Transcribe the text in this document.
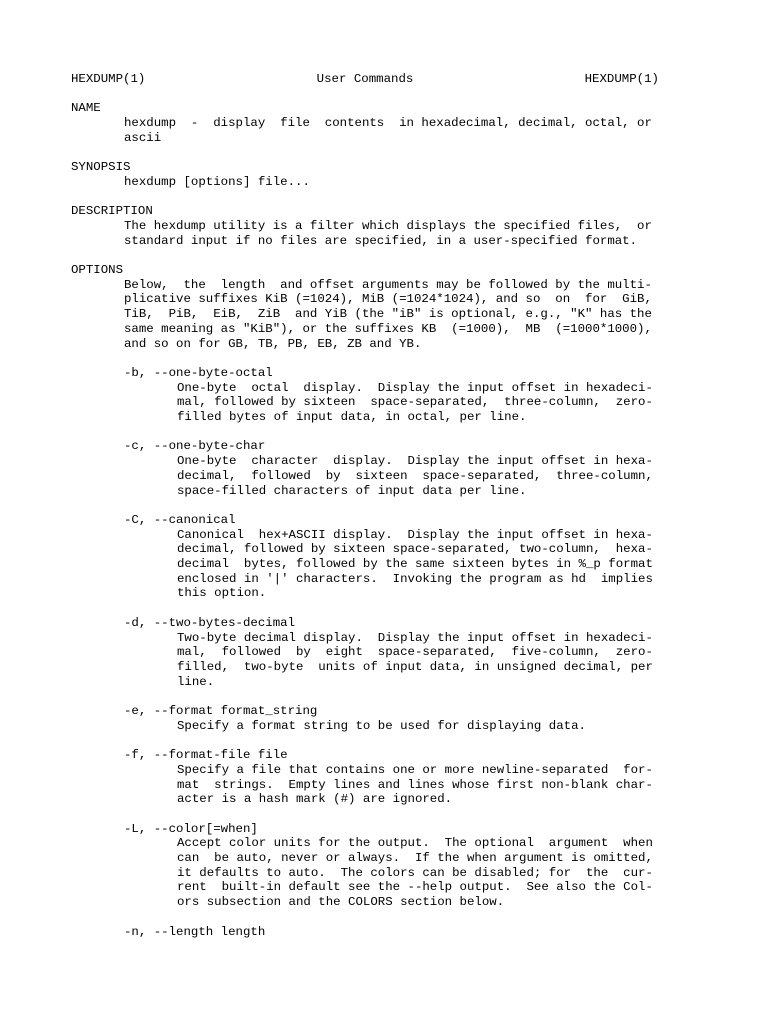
HEXDUMP(1)	User Commands	HEXDUMP(1)
NAME
hexdump  -  display  file  contents  in hexadecimal, decimal, octal, or
ascii
SYNOPSIS
hexdump [options] file...
DESCRIPTION
The hexdump utility is a filter which displays the specified files,  or
standard input if no files are specified, in a user-specified format.
OPTIONS
Below,  the  length  and offset arguments may be followed by the multi-
plicative suffixes KiB (=1024), MiB (=1024*1024), and so  on  for  GiB,
TiB,  PiB,  EiB,  ZiB  and YiB (the "iB" is optional, e.g., "K" has the
same meaning as "KiB"), or the suffixes KB  (=1000),  MB  (=1000*1000),
and so on for GB, TB, PB, EB, ZB and YB.
-b, --one-byte-octal
One-byte  octal  display.  Display the input offset in hexadeci-
mal, followed by sixteen  space-separated,  three-column,  zero-
filled bytes of input data, in octal, per line.
-c, --one-byte-char
One-byte  character  display.  Display the input offset in hexa-
decimal,  followed  by  sixteen  space-separated,  three-column,
space-filled characters of input data per line.
-C, --canonical
Canonical  hex+ASCII display.  Display the input offset in hexa-
decimal, followed by sixteen space-separated, two-column,  hexa-
decimal  bytes, followed by the same sixteen bytes in %_p format
enclosed in '|' characters.  Invoking the program as hd  implies
this option.
-d, --two-bytes-decimal
Two-byte decimal display.  Display the input offset in hexadeci-
mal,  followed  by  eight  space-separated,  five-column,  zero-
filled,  two-byte  units of input data, in unsigned decimal, per
line.
-e, --format format_string
Specify a format string to be used for displaying data.
-f, --format-file file
Specify a file that contains one or more newline-separated  for-
mat  strings.  Empty lines and lines whose first non-blank char-
acter is a hash mark (#) are ignored.
-L, --color[=when]
Accept color units for the output.  The optional  argument  when
can  be auto, never or always.  If the when argument is omitted,
it defaults to auto.  The colors can be disabled; for  the  cur-
rent  built-in default see the --help output.  See also the Col-
ors subsection and the COLORS section below.
-n, --length length
